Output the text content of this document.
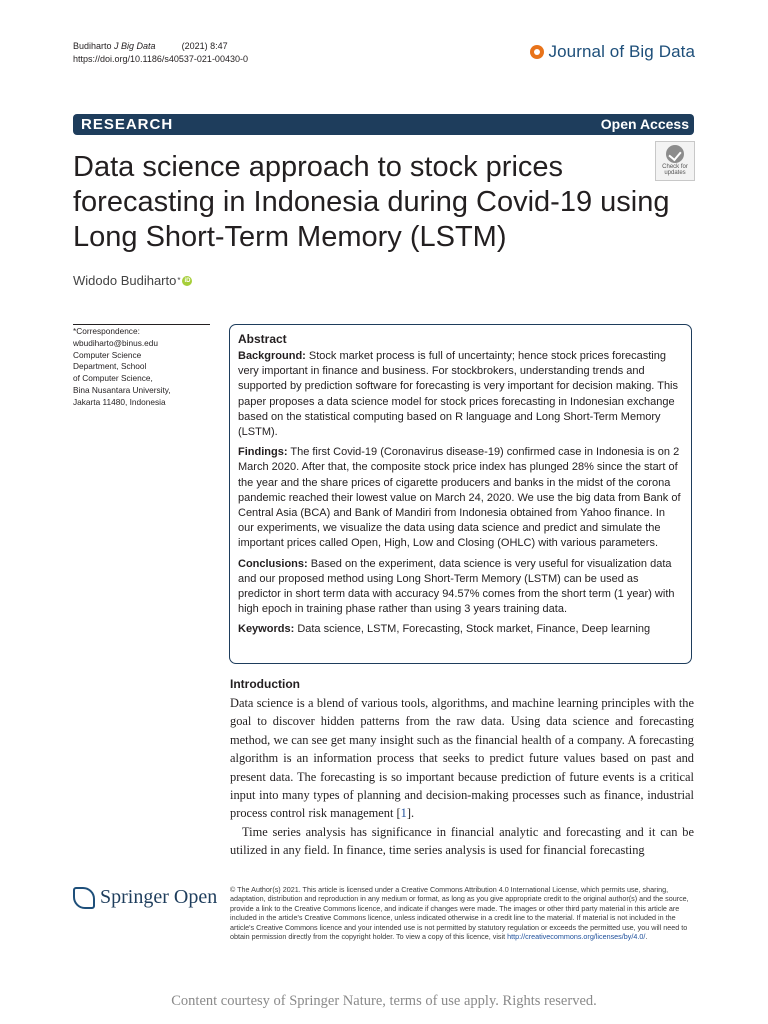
Budiharto J Big Data	(2021) 8:47
https://doi.org/10.1186/s40537-021-00430-0	Journal of Big Data
RESEARCH	Open Access
Data science approach to stock prices forecasting in Indonesia during Covid-19 using Long Short-Term Memory (LSTM)
Check for
updates
Widodo Budiharto * iD
*Correspondence:
wbudiharto@binus.edu
Computer Science
Department, School
of Computer Science,
Bina Nusantara University,
Jakarta 11480, Indonesia
Abstract

Background: Stock market process is full of uncertainty; hence stock prices forecasting very important in finance and business. For stockbrokers, understanding trends and supported by prediction software for forecasting is very important for decision making. This paper proposes a data science model for stock prices forecasting in Indonesian exchange based on the statistical computing based on R language and Long Short-Term Memory (LSTM).

Findings: The first Covid-19 (Coronavirus disease-19) confirmed case in Indonesia is on 2 March 2020. After that, the composite stock price index has plunged 28% since the start of the year and the share prices of cigarette producers and banks in the midst of the corona pandemic reached their lowest value on March 24, 2020. We use the big data from Bank of Central Asia (BCA) and Bank of Mandiri from Indonesia obtained from Yahoo finance. In our experiments, we visualize the data using data science and predict and simulate the important prices called Open, High, Low and Closing (OHLC) with various parameters.

Conclusions: Based on the experiment, data science is very useful for visualization data and our proposed method using Long Short-Term Memory (LSTM) can be used as predictor in short term data with accuracy 94.57% comes from the short term (1 year) with high epoch in training phase rather than using 3 years training data.

Keywords: Data science, LSTM, Forecasting, Stock market, Finance, Deep learning

Introduction

Data science is a blend of various tools, algorithms, and machine learning principles with the goal to discover hidden patterns from the raw data. Using data science and forecasting method, we can see get many insight such as the financial health of a company. A forecasting algorithm is an information process that seeks to predict future values based on past and present data. The forecasting is so important because prediction of future events is a critical input into many types of planning and decision-making processes such as finance, industrial process control risk management [1].

Time series analysis has significance in financial analytic and forecasting and it can be utilized in any field. In finance, time series analysis is used for financial forecasting

Springer Open © The Author(s) 2021. This article is licensed under a Creative Commons Attribution 4.0 International License, which permits use, sharing, adaptation, distribution and reproduction in any medium or format, as long as you give appropriate credit to the original author(s) and the source, provide a link to the Creative Commons licence, and indicate if changes were made. The images or other third party material in this article are included in the article's Creative Commons licence, unless indicated otherwise in a credit line to the material. If material is not included in the article's Creative Commons licence and your intended use is not permitted by statutory regulation or exceeds the permitted use, you will need to obtain permission directly from the copyright holder. To view a copy of this licence, visit http://creativecommons.org/licenses/by/4.0/.
Content courtesy of Springer Nature, terms of use apply. Rights reserved.
